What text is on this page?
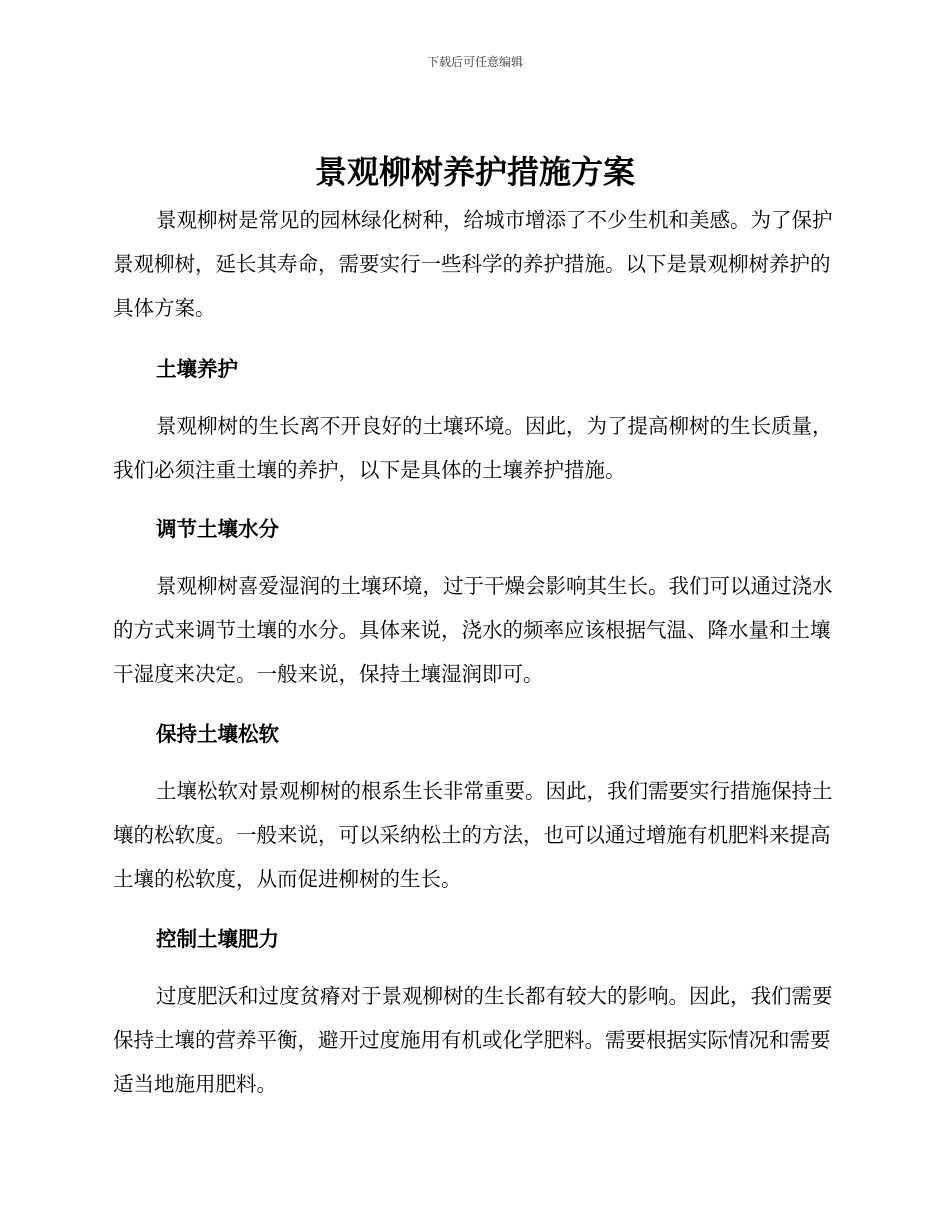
下载后可任意编辑
景观柳树养护措施方案

景观柳树是常见的园林绿化树种，给城市增添了不少生机和美感。为了保护景观柳树，延长其寿命，需要实行一些科学的养护措施。以下是景观柳树养护的具体方案。

土壤养护

景观柳树的生长离不开良好的土壤环境。因此，为了提高柳树的生长质量，我们必须注重土壤的养护，以下是具体的土壤养护措施。

调节土壤水分

景观柳树喜爱湿润的土壤环境，过于干燥会影响其生长。我们可以通过浇水的方式来调节土壤的水分。具体来说，浇水的频率应该根据气温、降水量和土壤干湿度来决定。一般来说，保持土壤湿润即可。

保持土壤松软

土壤松软对景观柳树的根系生长非常重要。因此，我们需要实行措施保持土壤的松软度。一般来说，可以采纳松土的方法，也可以通过增施有机肥料来提高土壤的松软度，从而促进柳树的生长。

控制土壤肥力

过度肥沃和过度贫瘠对于景观柳树的生长都有较大的影响。因此，我们需要保持土壤的营养平衡，避开过度施用有机或化学肥料。需要根据实际情况和需要适当地施用肥料。
